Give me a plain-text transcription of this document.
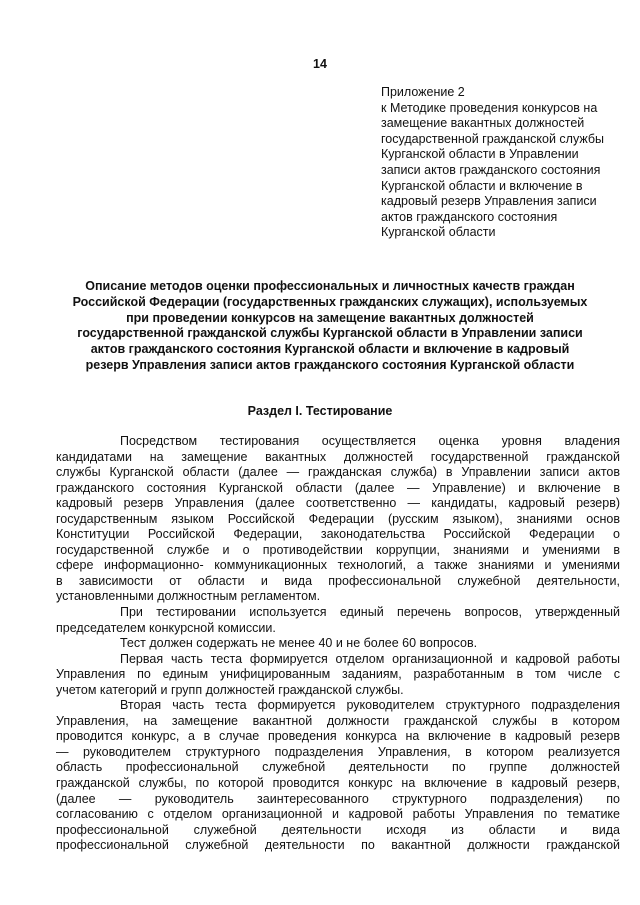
14
Приложение 2
к Методике проведения конкурсов на
замещение вакантных должностей
государственной гражданской службы
Курганской области в Управлении
записи актов гражданского состояния
Курганской области и включение в
кадровый резерв Управления записи
актов гражданского состояния
Курганской области
Описание методов оценки профессиональных и личностных качеств граждан
Российской Федерации (государственных гражданских служащих), используемых
при проведении конкурсов на замещение вакантных должностей
государственной гражданской службы Курганской области в Управлении записи
актов гражданского состояния Курганской области и включение в кадровый
резерв Управления записи актов гражданского состояния Курганской области
Раздел I. Тестирование
Посредством тестирования осуществляется оценка уровня владения
кандидатами на замещение вакантных должностей государственной гражданской
службы Курганской области (далее — гражданская служба) в Управлении записи актов
гражданского состояния Курганской области (далее — Управление) и включение в
кадровый резерв Управления (далее соответственно — кандидаты, кадровый резерв)
государственным языком Российской Федерации (русским языком), знаниями основ
Конституции Российской Федерации, законодательства Российской Федерации о
государственной службе и о противодействии коррупции, знаниями и умениями в
сфере информационно- коммуникационных технологий, а также знаниями и умениями
в зависимости от области и вида профессиональной служебной деятельности,
установленными должностным регламентом.
При тестировании используется единый перечень вопросов, утвержденный
председателем конкурсной комиссии.
Тест должен содержать не менее 40 и не более 60 вопросов.
Первая часть теста формируется отделом организационной и кадровой работы
Управления по единым унифицированным заданиям, разработанным в том числе с
учетом категорий и групп должностей гражданской службы.
Вторая часть теста формируется руководителем структурного подразделения
Управления, на замещение вакантной должности гражданской службы в котором
проводится конкурс, а в случае проведения конкурса на включение в кадровый резерв
— руководителем структурного подразделения Управления, в котором реализуется
область профессиональной служебной деятельности по группе должностей
гражданской службы, по которой проводится конкурс на включение в кадровый резерв,
(далее — руководитель заинтересованного структурного подразделения) по
согласованию с отделом организационной и кадровой работы Управления по тематике
профессиональной служебной деятельности исходя из области и вида
профессиональной служебной деятельности по вакантной должности гражданской
